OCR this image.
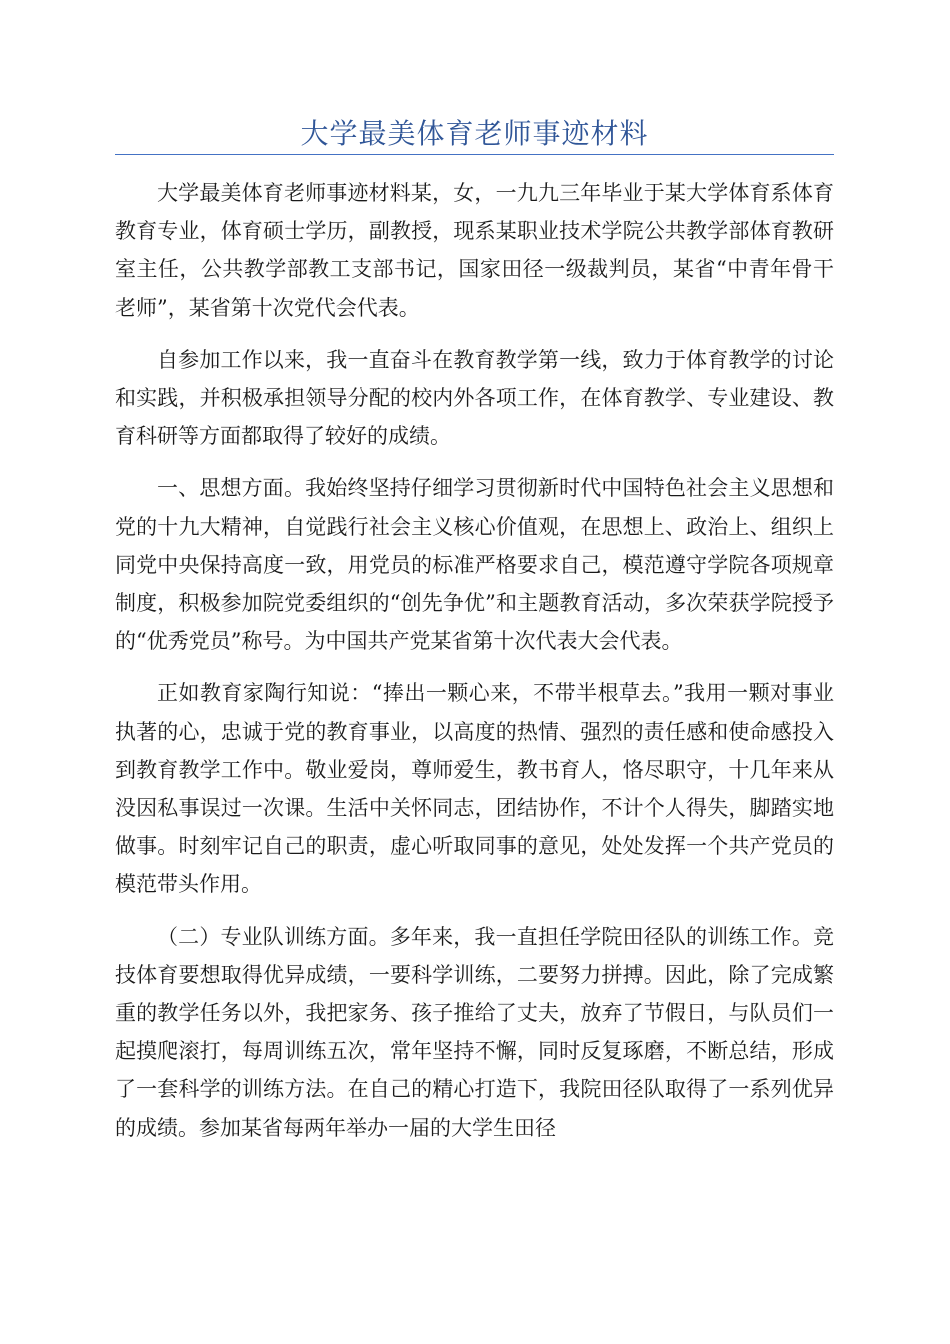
大学最美体育老师事迹材料

大学最美体育老师事迹材料某，女，一九九三年毕业于某大学体育系体育教育专业，体育硕士学历，副教授，现系某职业技术学院公共教学部体育教研室主任，公共教学部教工支部书记，国家田径一级裁判员，某省“中青年骨干老师”，某省第十次党代会代表。

自参加工作以来，我一直奋斗在教育教学第一线，致力于体育教学的讨论和实践，并积极承担领导分配的校内外各项工作，在体育教学、专业建设、教育科研等方面都取得了较好的成绩。

一、思想方面。我始终坚持仔细学习贯彻新时代中国特色社会主义思想和党的十九大精神，自觉践行社会主义核心价值观，在思想上、政治上、组织上同党中央保持高度一致，用党员的标准严格要求自己，模范遵守学院各项规章制度，积极参加院党委组织的“创先争优”和主题教育活动，多次荣获学院授予的“优秀党员”称号。为中国共产党某省第十次代表大会代表。

正如教育家陶行知说：“捧出一颗心来，不带半根草去。”我用一颗对事业执著的心，忠诚于党的教育事业，以高度的热情、强烈的责任感和使命感投入到教育教学工作中。敬业爱岗，尊师爱生，教书育人，恪尽职守，十几年来从没因私事误过一次课。生活中关怀同志，团结协作，不计个人得失，脚踏实地做事。时刻牢记自己的职责，虚心听取同事的意见，处处发挥一个共产党员的模范带头作用。

（二）专业队训练方面。多年来，我一直担任学院田径队的训练工作。竞技体育要想取得优异成绩，一要科学训练，二要努力拼搏。因此，除了完成繁重的教学任务以外，我把家务、孩子推给了丈夫，放弃了节假日，与队员们一起摸爬滚打，每周训练五次，常年坚持不懈，同时反复琢磨，不断总结，形成了一套科学的训练方法。在自己的精心打造下，我院田径队取得了一系列优异的成绩。参加某省每两年举办一届的大学生田径
